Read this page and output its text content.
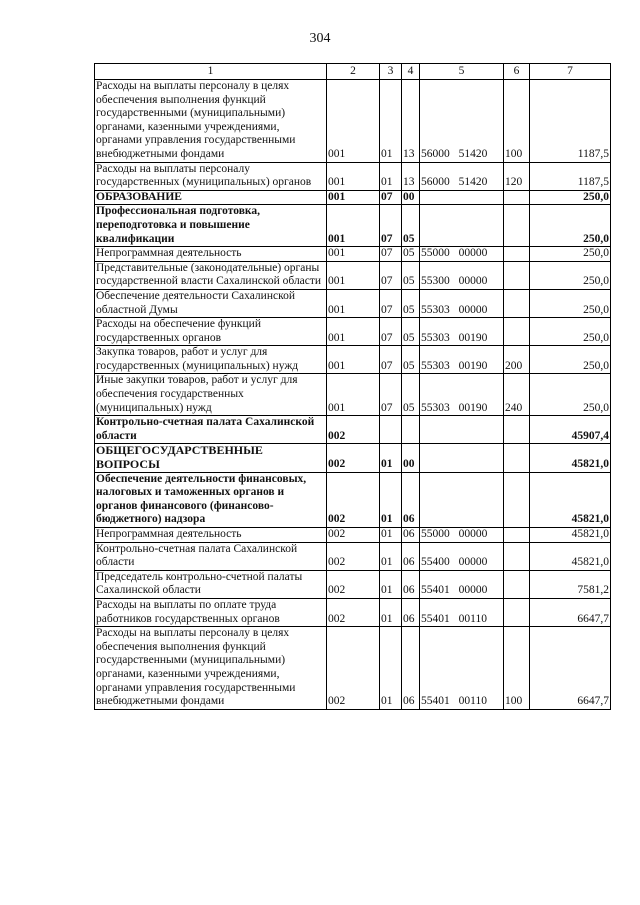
304
1	2	3	4	5	6	7
Расходы на выплаты персоналу в целях обеспечения выполнения функций государственными (муниципальными) органами, казенными учреждениями, органами управления государственными внебюджетными фондами	001	01	13	56000 51420	100	1187,5
Расходы на выплаты персоналу государственных (муниципальных) органов	001	01	13	56000 51420	120	1187,5
ОБРАЗОВАНИЕ	001	07	00			250,0
Профессиональная подготовка, переподготовка и повышение квалификации	001	07	05			250,0
Непрограммная деятельность	001	07	05	55000 00000		250,0
Представительные (законодательные) органы государственной власти Сахалинской области	001	07	05	55300 00000		250,0
Обеспечение деятельности Сахалинской областной Думы	001	07	05	55303 00000		250,0
Расходы на обеспечение функций государственных органов	001	07	05	55303 00190		250,0
Закупка товаров, работ и услуг для государственных (муниципальных) нужд	001	07	05	55303 00190	200	250,0
Иные закупки товаров, работ и услуг для обеспечения государственных (муниципальных) нужд	001	07	05	55303 00190	240	250,0
Контрольно-счетная палата Сахалинской области	002					45907,4
ОБЩЕГОСУДАРСТВЕННЫЕ ВОПРОСЫ	002	01	00			45821,0
Обеспечение деятельности финансовых, налоговых и таможенных органов и органов финансового (финансово-бюджетного) надзора	002	01	06			45821,0
Непрограммная деятельность	002	01	06	55000 00000		45821,0
Контрольно-счетная палата Сахалинской области	002	01	06	55400 00000		45821,0
Председатель контрольно-счетной палаты Сахалинской области	002	01	06	55401 00000		7581,2
Расходы на выплаты по оплате труда работников государственных органов	002	01	06	55401 00110		6647,7
Расходы на выплаты персоналу в целях обеспечения выполнения функций государственными (муниципальными) органами, казенными учреждениями, органами управления государственными внебюджетными фондами	002	01	06	55401 00110	100	6647,7
